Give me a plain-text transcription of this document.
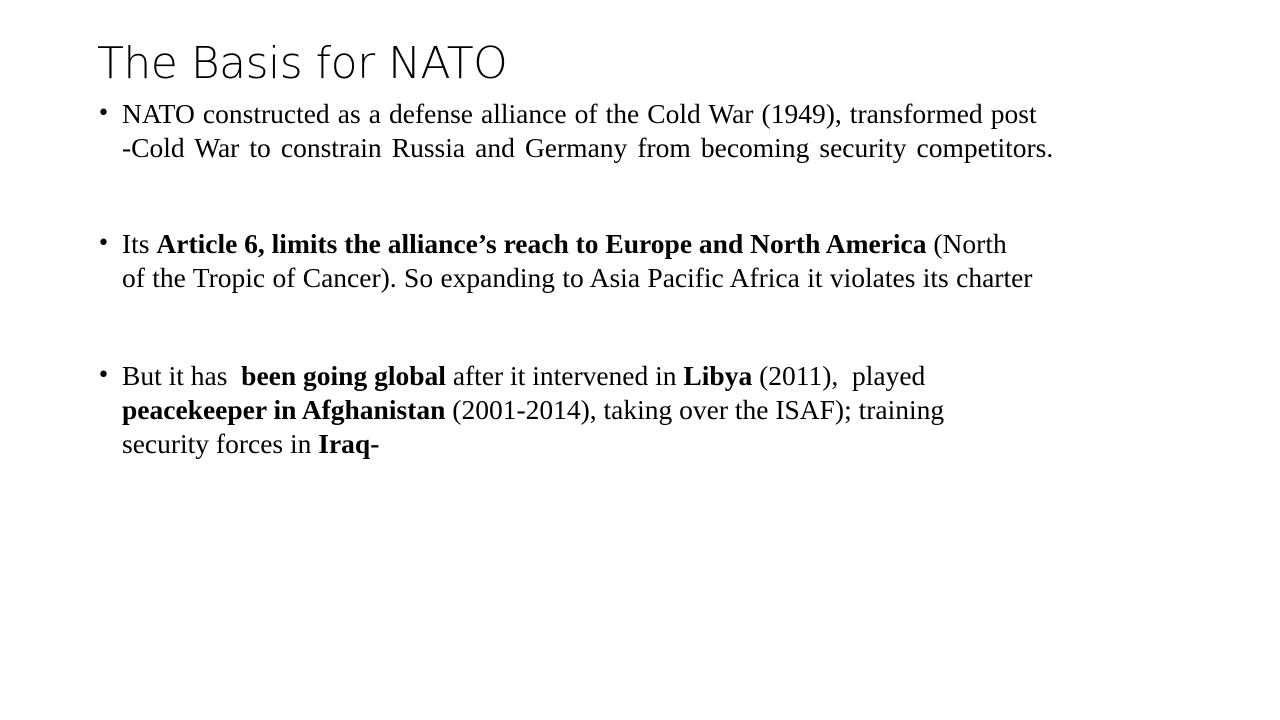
The Basis for NATO
• NATO constructed as a defense alliance of the Cold War (1949), transformed post
-Cold War to constrain Russia and Germany from becoming security competitors.
• Its Article 6, limits the alliance’s reach to Europe and North America (North
of the Tropic of Cancer). So expanding to Asia Pacific Africa it violates its charter
• But it has  been going global after it intervened in Libya (2011),  played
peacekeeper in Afghanistan (2001-2014), taking over the ISAF); training
security forces in Iraq-
